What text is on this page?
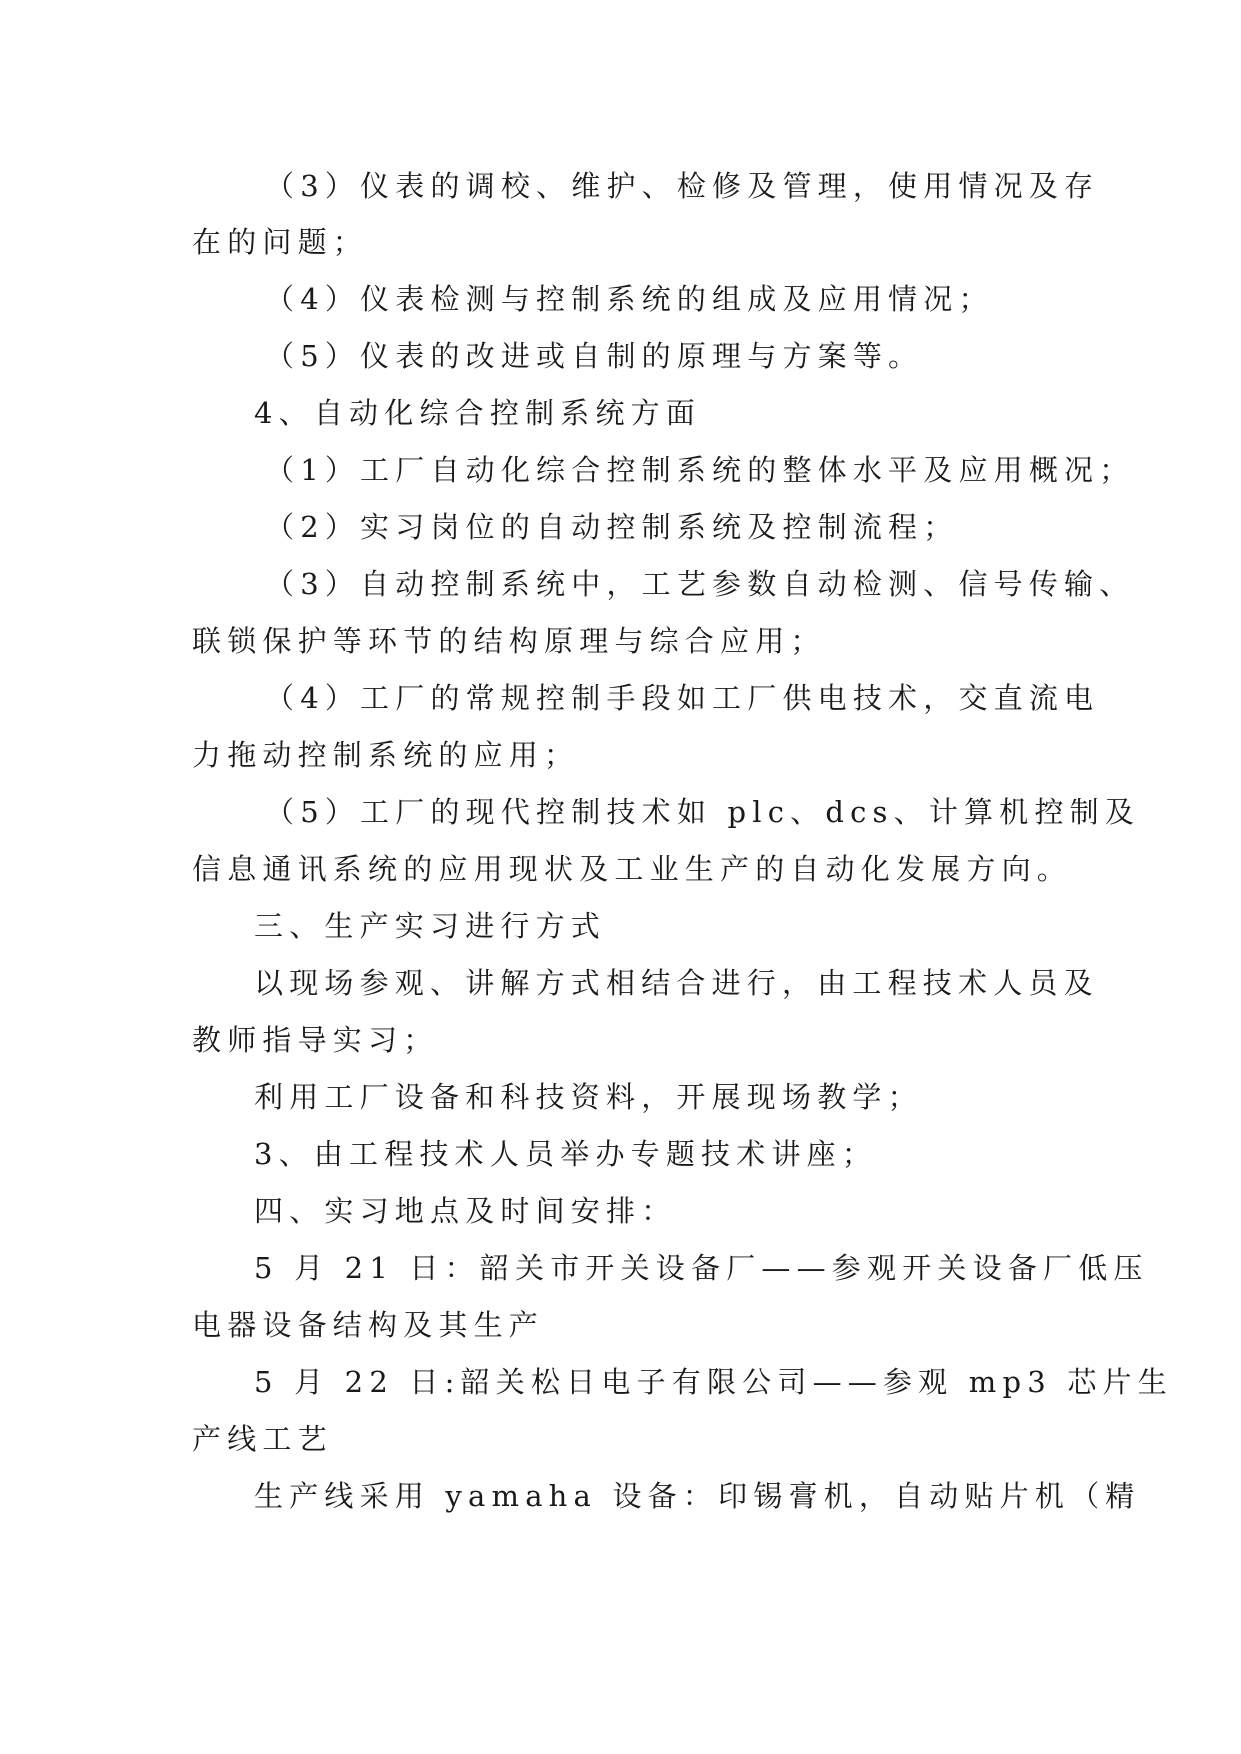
（3）仪表的调校、维护、检修及管理，使用情况及存
在的问题；
（4）仪表检测与控制系统的组成及应用情况；
（5）仪表的改进或自制的原理与方案等。
4、自动化综合控制系统方面
（1）工厂自动化综合控制系统的整体水平及应用概况；
（2）实习岗位的自动控制系统及控制流程；
（3）自动控制系统中，工艺参数自动检测、信号传输、
联锁保护等环节的结构原理与综合应用；
（4）工厂的常规控制手段如工厂供电技术，交直流电
力拖动控制系统的应用；
（5）工厂的现代控制技术如 plc、dcs、计算机控制及
信息通讯系统的应用现状及工业生产的自动化发展方向。
三、生产实习进行方式
以现场参观、讲解方式相结合进行，由工程技术人员及
教师指导实习；
利用工厂设备和科技资料，开展现场教学；
3、由工程技术人员举办专题技术讲座；
四、实习地点及时间安排：
5 月 21 日：韶关市开关设备厂——参观开关设备厂低压
电器设备结构及其生产
5 月 22 日:韶关松日电子有限公司——参观 mp3 芯片生
产线工艺
生产线采用 yamaha 设备：印锡膏机，自动贴片机（精
